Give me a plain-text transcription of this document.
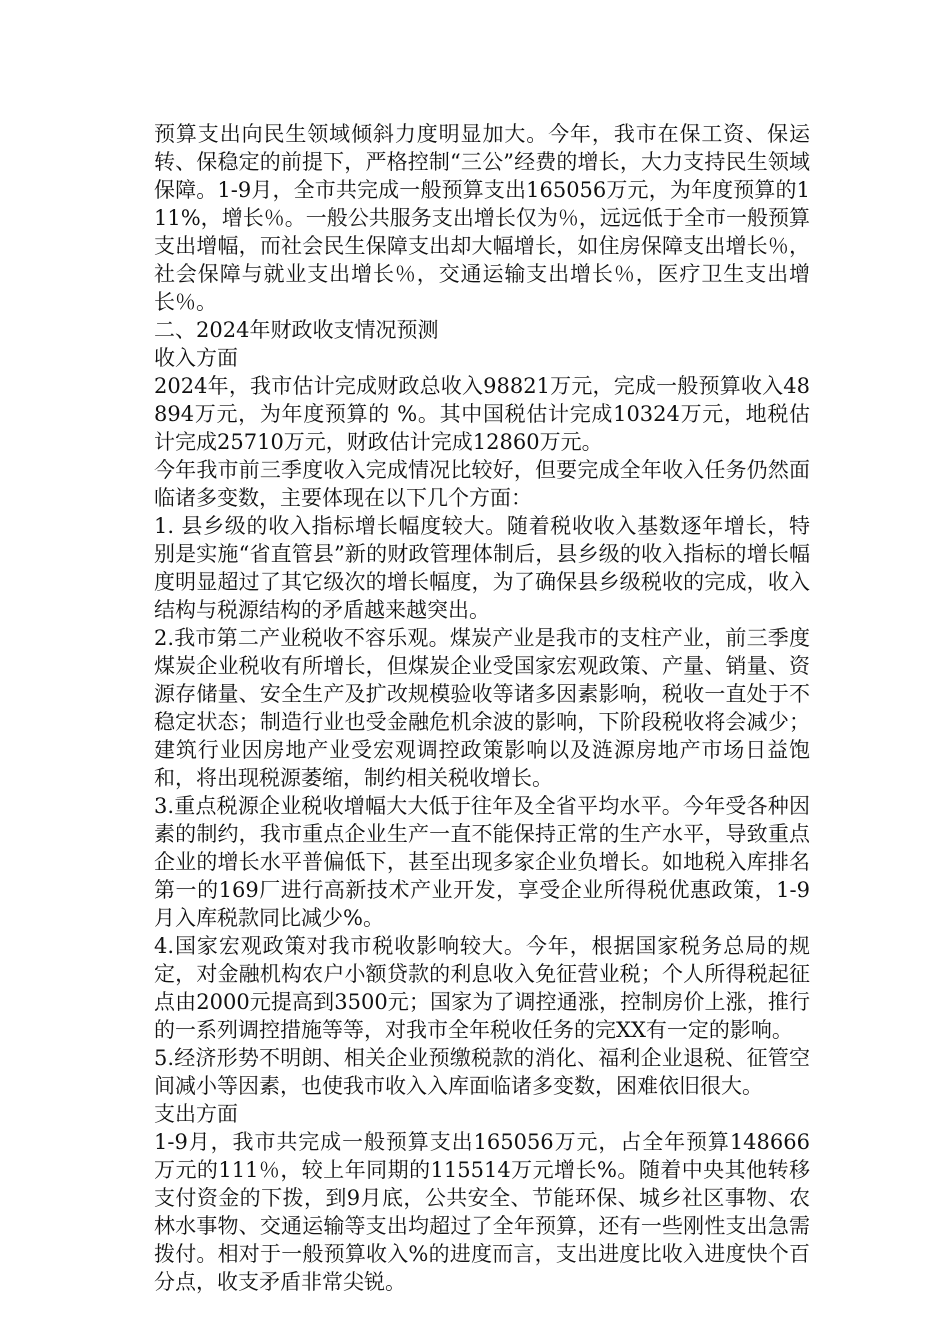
预算支出向民生领域倾斜力度明显加大。今年，我市在保工资、保运转、保稳定的前提下，严格控制“三公”经费的增长，大力支持民生领域保障。1-9月，全市共完成一般预算支出165056万元，为年度预算的111%，增长％。一般公共服务支出增长仅为％，远远低于全市一般预算支出增幅，而社会民生保障支出却大幅增长，如住房保障支出增长％，社会保障与就业支出增长％，交通运输支出增长％，医疗卫生支出增长％。

二、2024年财政收支情况预测

收入方面

2024年，我市估计完成财政总收入98821万元，完成一般预算收入48894万元，为年度预算的 %。其中国税估计完成10324万元，地税估计完成25710万元，财政估计完成12860万元。

今年我市前三季度收入完成情况比较好，但要完成全年收入任务仍然面临诸多变数，主要体现在以下几个方面：

1. 县乡级的收入指标增长幅度较大。随着税收收入基数逐年增长，特别是实施“省直管县”新的财政管理体制后，县乡级的收入指标的增长幅度明显超过了其它级次的增长幅度，为了确保县乡级税收的完成，收入结构与税源结构的矛盾越来越突出。

2.我市第二产业税收不容乐观。煤炭产业是我市的支柱产业，前三季度煤炭企业税收有所增长，但煤炭企业受国家宏观政策、产量、销量、资源存储量、安全生产及扩改规模验收等诸多因素影响，税收一直处于不稳定状态；制造行业也受金融危机余波的影响，下阶段税收将会减少；建筑行业因房地产业受宏观调控政策影响以及涟源房地产市场日益饱和，将出现税源萎缩，制约相关税收增长。

3.重点税源企业税收增幅大大低于往年及全省平均水平。今年受各种因素的制约，我市重点企业生产一直不能保持正常的生产水平，导致重点企业的增长水平普偏低下，甚至出现多家企业负增长。如地税入库排名第一的169厂进行高新技术产业开发，享受企业所得税优惠政策，1-9月入库税款同比减少%。

4.国家宏观政策对我市税收影响较大。今年，根据国家税务总局的规定，对金融机构农户小额贷款的利息收入免征营业税；个人所得税起征点由2000元提高到3500元；国家为了调控通涨，控制房价上涨，推行的一系列调控措施等等，对我市全年税收任务的完XX有一定的影响。

5.经济形势不明朗、相关企业预缴税款的消化、福利企业退税、征管空间减小等因素，也使我市收入入库面临诸多变数，困难依旧很大。

支出方面

1-9月，我市共完成一般预算支出165056万元，占全年预算148666万元的111％，较上年同期的115514万元增长%。随着中央其他转移支付资金的下拨，到9月底，公共安全、节能环保、城乡社区事物、农林水事物、交通运输等支出均超过了全年预算，还有一些刚性支出急需拨付。相对于一般预算收入%的进度而言，支出进度比收入进度快个百分点，收支矛盾非常尖锐。
